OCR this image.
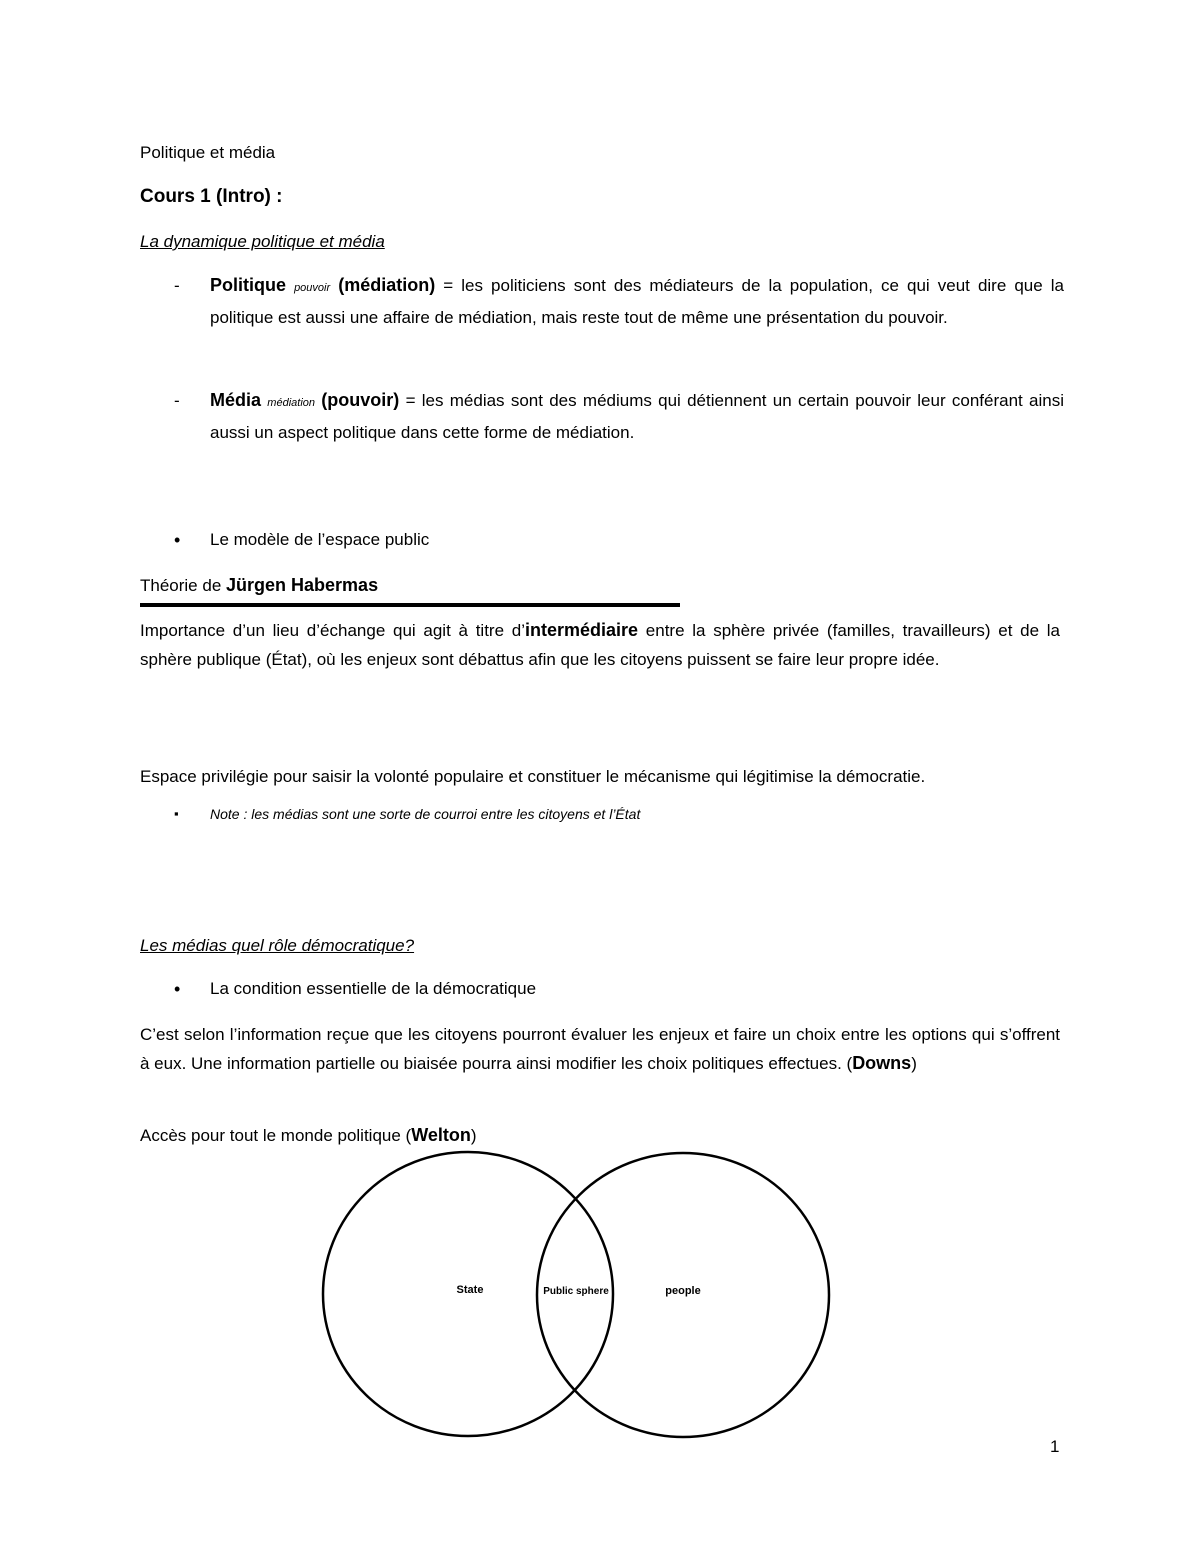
Politique et média

Cours 1 (Intro) :

La dynamique politique et média

- Politique pouvoir (médiation) = les politiciens sont des médiateurs de la population, ce qui veut dire que la politique est aussi une affaire de médiation, mais reste tout de même une présentation du pouvoir.
- Média médiation (pouvoir) = les médias sont des médiums qui détiennent un certain pouvoir leur conférant ainsi aussi un aspect politique dans cette forme de médiation.
• Le modèle de l’espace public

Théorie de Jürgen Habermas

Importance d’un lieu d’échange qui agit à titre d’intermédiaire entre la sphère privée (familles, travailleurs) et de la sphère publique (État), où les enjeux sont débattus afin que les citoyens puissent se faire leur propre idée.

Espace privilégie pour saisir la volonté populaire et constituer le mécanisme qui légitimise la démocratie.

▪ Note : les médias sont une sorte de courroi entre les citoyens et l’État

Les médias quel rôle démocratique?

• La condition essentielle de la démocratique

C’est selon l’information reçue que les citoyens pourront évaluer les enjeux et faire un choix entre les options qui s’offrent à eux. Une information partielle ou biaisée pourra ainsi modifier les choix politiques effectues. (Downs)

Accès pour tout le monde politique (Welton)

State	Public sphere	people

1
